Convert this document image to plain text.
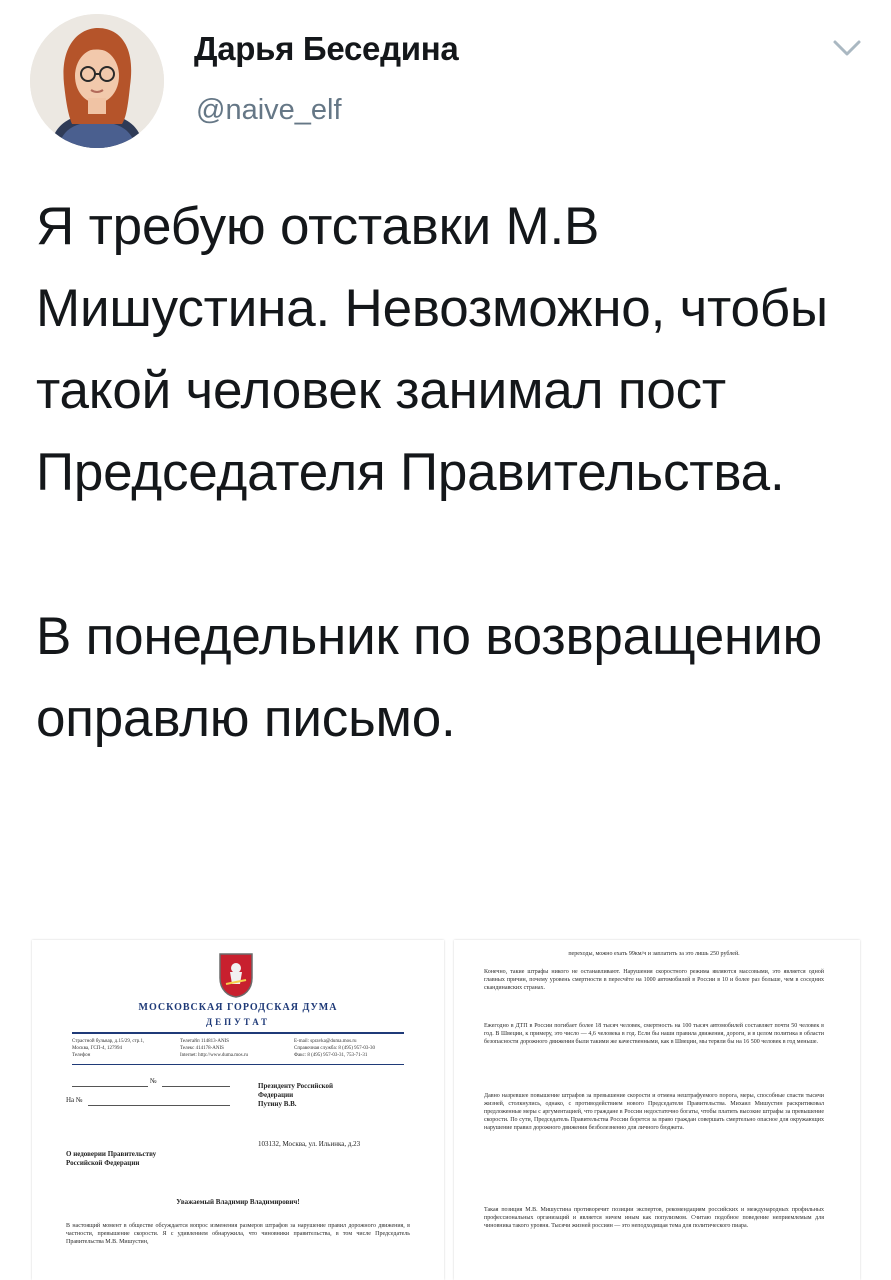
Дарья Беседина
@naive_elf

Я требую отставки М.В Мишустина. Невозможно, чтобы такой человек занимал пост Председателя Правительства.

В понедельник по возвращению оправлю письмо.

МОСКОВСКАЯ ГОРОДСКАЯ ДУМА
ДЕПУТАТ
Страстной бульвар, д.15/29, стр.1,
Москва, ГСП-4, 127994
Телефон
Телетайп 114813-ANIS
Телекс 414178-ANIS
Internet: http://www.duma.mos.ru
E-mail: spravka@duma.mos.ru
Справочная служба: 8 (495) 957-03-30
Факс: 8 (495) 957-03-31, 753-71-31
№
На №
Президенту Российской
Федерации
Путину В.В.
103132, Москва, ул. Ильинка, д.23
О недоверии Правительству
Российской Федерации
Уважаемый Владимир Владимирович!
В настоящий момент в обществе обсуждается вопрос изменения размеров штрафов за нарушение правил дорожного движения, в частности, превышение скорости. Я с удивлением обнаружила, что чиновники правительства, в том числе Председатель Правительства М.В. Мишустин,
переходы, можно ехать 99км/ч и заплатить за это лишь 250 рублей.
Конечно, такие штрафы никого не останавливают. Нарушения скоростного режима являются массовыми, это является одной главных причин, почему уровень смертности в пересчёте на 1000 автомобилей в России в 10 и более раз больше, чем в соседних скандинавских странах.
Ежегодно в ДТП в России погибает более 18 тысяч человек, смертность на 100 тысяч автомобилей составляет почти 50 человек в год. В Швеции, к примеру, это число — 4,6 человека в год. Если бы наши правила движения, дороги, и в целом политика в области безопасности дорожного движения были такими же качественными, как в Швеции, мы теряли бы на 16 500 человек в год меньше.
Давно назревшее повышение штрафов за превышение скорости и отмена нештрафуемого порога, меры, способные спасти тысячи жизней, столкнулись, однако, с противодействием нового Председателя Правительства. Михаил Мишустин раскритиковал предложенные меры с аргументацией, что граждане в России недостаточно богаты, чтобы платить высокие штрафы за превышение скорости. По сути, Председатель Правительства России борется за право граждан совершать смертельно опасное для окружающих нарушение правил дорожного движения безболезненно для личного бюджета.
Такая позиция М.В. Мишустина противоречит позиции экспертов, рекомендациям российских и международных профильных профессиональных организаций и является ничем иным как популизмом. Считаю подобное поведение неприемлемым для чиновника такого уровня. Тысячи жизней россиян — это неподходящая тема для политического пиара.
